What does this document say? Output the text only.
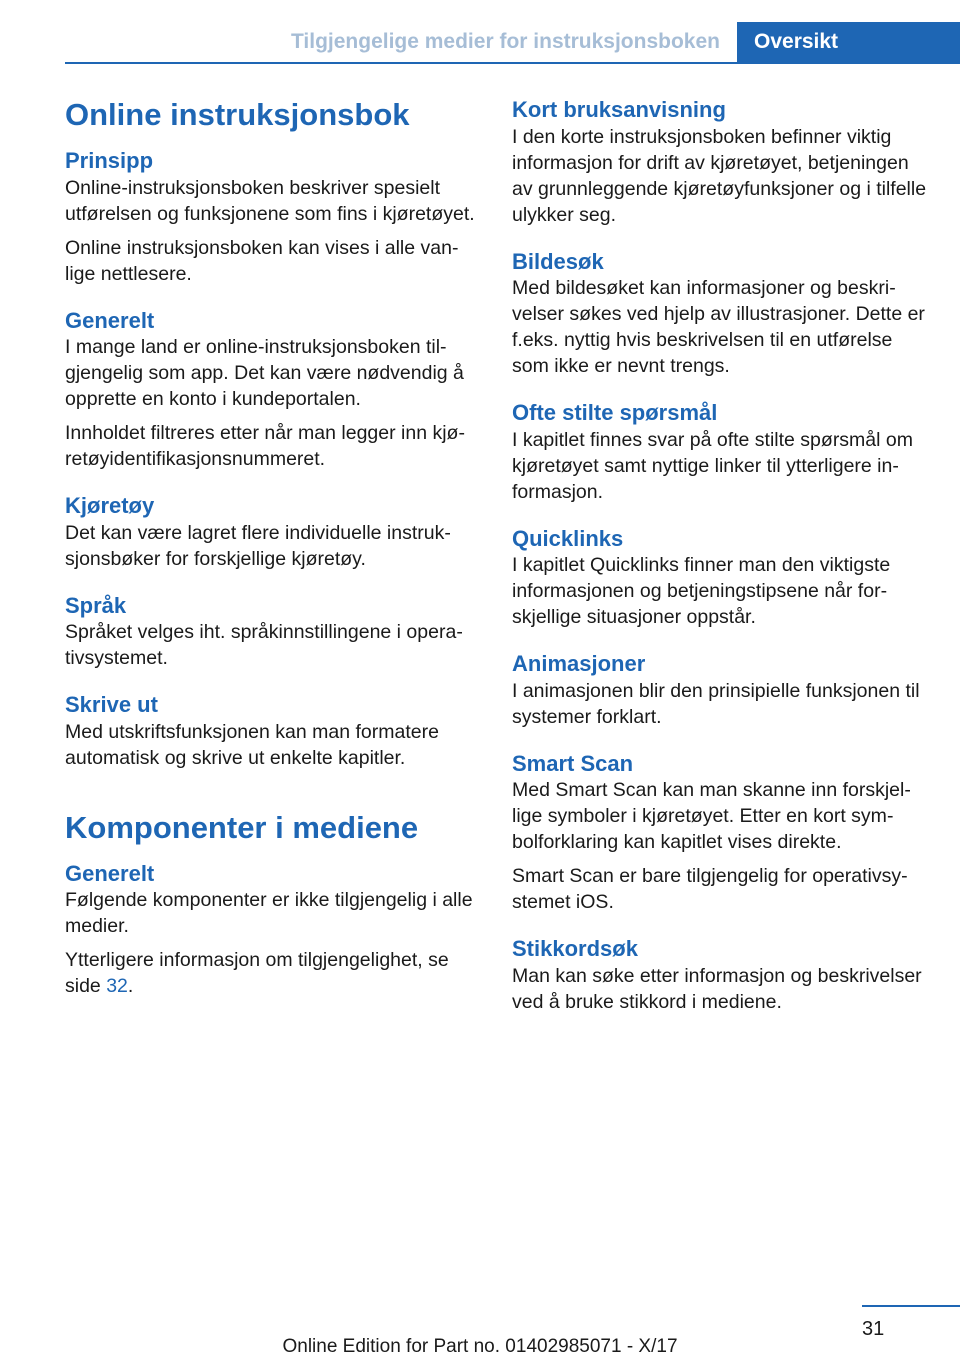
Tilgjengelige medier for instruksjonsboken	Oversikt
Online instruksjonsbok
Prinsipp

Online-instruksjonsboken beskriver spesielt utførelsen og funksjonene som fins i kjøretøyet.

Online instruksjonsboken kan vises i alle vanlige nettlesere.

Generelt

I mange land er online-instruksjonsboken tilgjengelig som app. Det kan være nødvendig å opprette en konto i kundeportalen.

Innholdet filtreres etter når man legger inn kjøretøyidentifikasjonsnummeret.

Kjøretøy

Det kan være lagret flere individuelle instruksjonsbøker for forskjellige kjøretøy.

Språk

Språket velges iht. språkinnstillingene i operativsystemet.

Skrive ut

Med utskriftsfunksjonen kan man formatere automatisk og skrive ut enkelte kapitler.

Komponenter i mediene
Generelt

Følgende komponenter er ikke tilgjengelig i alle medier.

Ytterligere informasjon om tilgjengelighet, se side 32.

Kort bruksanvisning

I den korte instruksjonsboken befinner viktig informasjon for drift av kjøretøyet, betjeningen av grunnleggende kjøretøyfunksjoner og i tilfelle ulykker seg.

Bildesøk

Med bildesøket kan informasjoner og beskrivelser søkes ved hjelp av illustrasjoner. Dette er f.eks. nyttig hvis beskrivelsen til en utførelse som ikke er nevnt trengs.

Ofte stilte spørsmål

I kapitlet finnes svar på ofte stilte spørsmål om kjøretøyet samt nyttige linker til ytterligere informasjon.

Quicklinks

I kapitlet Quicklinks finner man den viktigste informasjonen og betjeningstipsene når forskjellige situasjoner oppstår.

Animasjoner

I animasjonen blir den prinsipielle funksjonen til systemer forklart.

Smart Scan

Med Smart Scan kan man skanne inn forskjellige symboler i kjøretøyet. Etter en kort symbolforklaring kan kapitlet vises direkte.

Smart Scan er bare tilgjengelig for operativsystemet iOS.

Stikkordsøk

Man kan søke etter informasjon og beskrivelser ved å bruke stikkord i mediene.

31
Online Edition for Part no. 01402985071 - X/17
